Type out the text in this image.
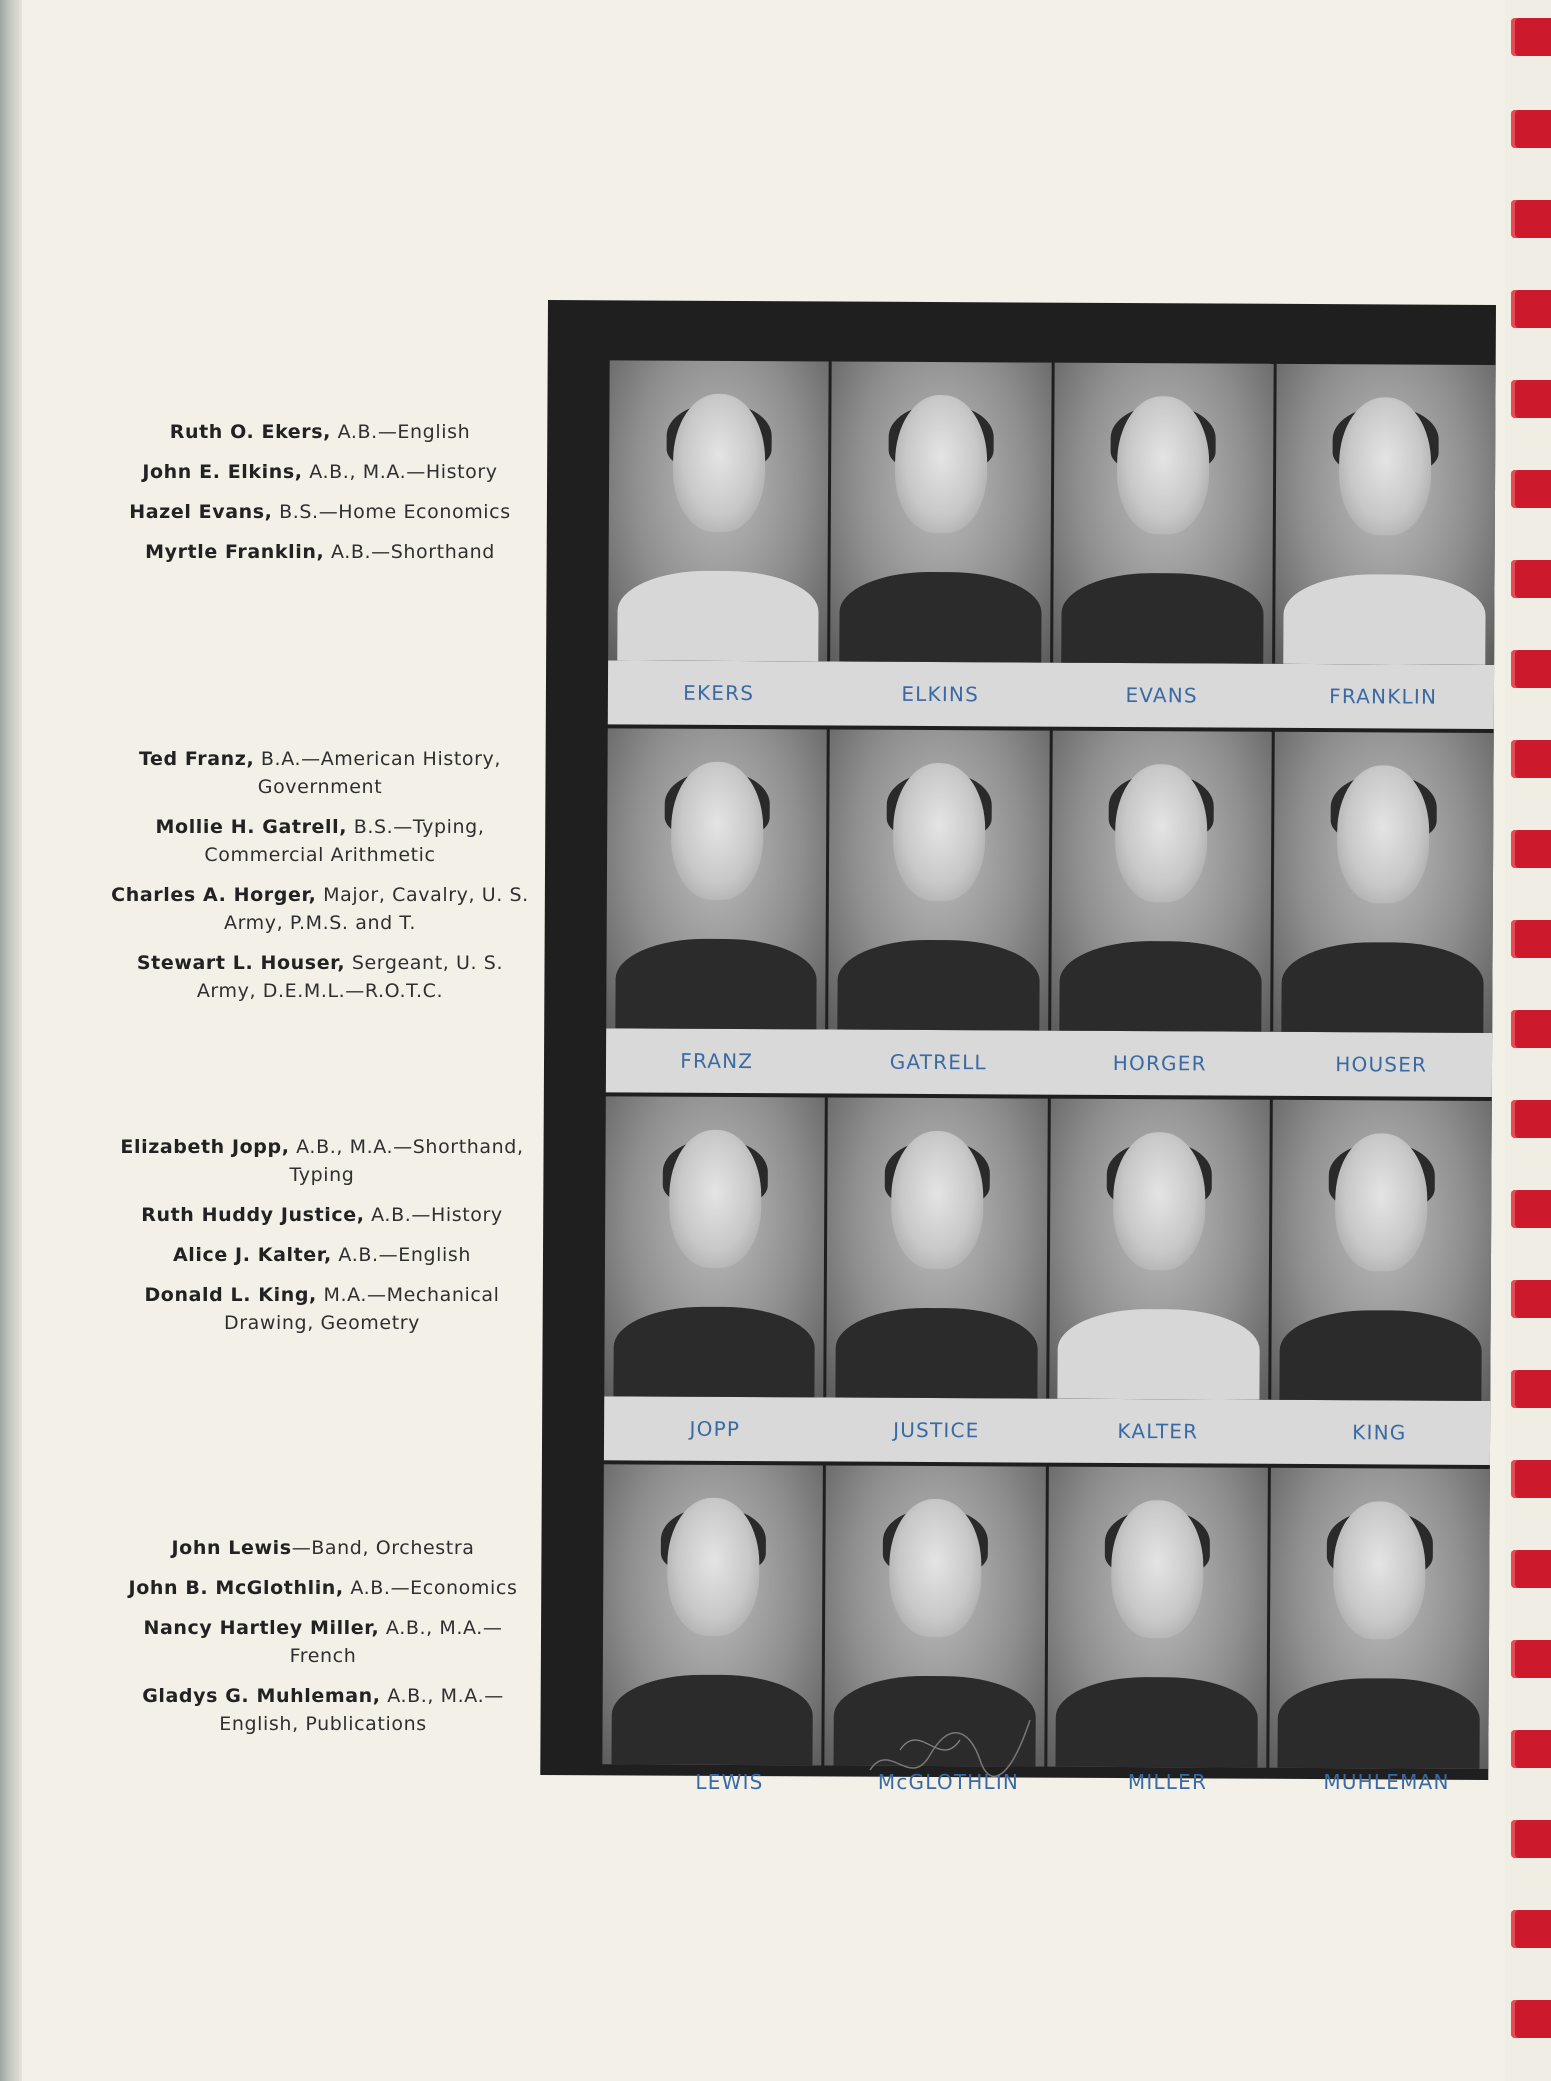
Ruth O. Ekers, A.B.—English
John E. Elkins, A.B., M.A.—History
Hazel Evans, B.S.—Home Economics
Myrtle Franklin, A.B.—Shorthand
Ted Franz, B.A.—American History, Government
Mollie H. Gatrell, B.S.—Typing, Commercial Arithmetic
Charles A. Horger, Major, Cavalry, U. S. Army, P.M.S. and T.
Stewart L. Houser, Sergeant, U. S. Army, D.E.M.L.—R.O.T.C.
Elizabeth Jopp, A.B., M.A.—Shorthand, Typing
Ruth Huddy Justice, A.B.—History
Alice J. Kalter, A.B.—English
Donald L. King, M.A.—Mechanical Drawing, Geometry
John Lewis—Band, Orchestra
John B. McGlothlin, A.B.—Economics
Nancy Hartley Miller, A.B., M.A.—French
Gladys G. Muhleman, A.B., M.A.—English, Publications
EKERS	ELKINS	EVANS	FRANKLIN
FRANZ	GATRELL	HORGER	HOUSER
JOPP	JUSTICE	KALTER	KING
LEWIS	McGLOTHLIN	MILLER	MUHLEMAN
